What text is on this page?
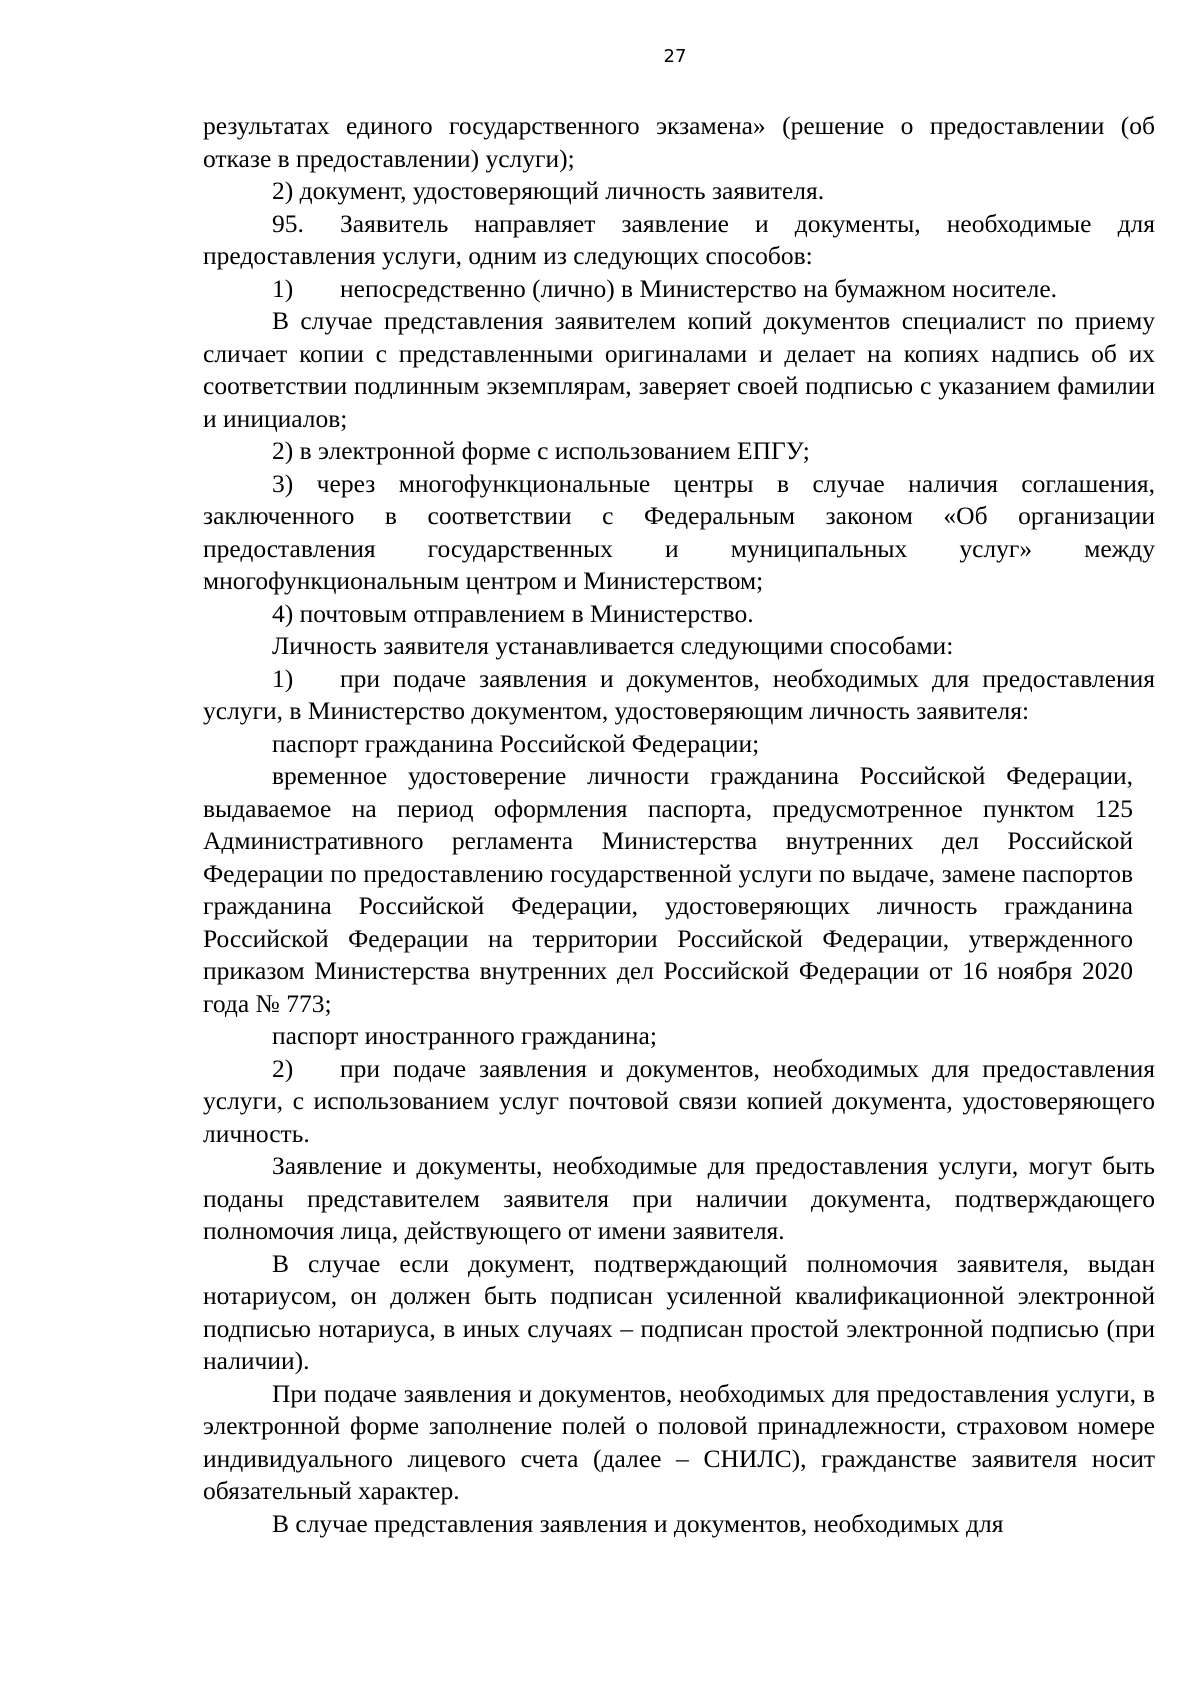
27

результатах единого государственного экзамена» (решение о предоставлении (об отказе в предоставлении) услуги);

2) документ, удостоверяющий личность заявителя.

95. Заявитель направляет заявление и документы, необходимые для предоставления услуги, одним из следующих способов:

1) непосредственно (лично) в Министерство на бумажном носителе.

В случае представления заявителем копий документов специалист по приему сличает копии с представленными оригиналами и делает на копиях надпись об их соответствии подлинным экземплярам, заверяет своей подписью с указанием фамилии и инициалов;

2) в электронной форме с использованием ЕПГУ;

3) через многофункциональные центры в случае наличия соглашения, заключенного в соответствии с Федеральным законом «Об организации предоставления государственных и муниципальных услуг» между многофункциональным центром и Министерством;

4) почтовым отправлением в Министерство.

Личность заявителя устанавливается следующими способами:

1) при подаче заявления и документов, необходимых для предоставления услуги, в Министерство документом, удостоверяющим личность заявителя:

паспорт гражданина Российской Федерации;

временное удостоверение личности гражданина Российской Федерации, выдаваемое на период оформления паспорта, предусмотренное пунктом 125 Административного регламента Министерства внутренних дел Российской Федерации по предоставлению государственной услуги по выдаче, замене паспортов гражданина Российской Федерации, удостоверяющих личность гражданина Российской Федерации на территории Российской Федерации, утвержденного приказом Министерства внутренних дел Российской Федерации от 16 ноября 2020 года № 773;

паспорт иностранного гражданина;

2) при подаче заявления и документов, необходимых для предоставления услуги, с использованием услуг почтовой связи копией документа, удостоверяющего личность.

Заявление и документы, необходимые для предоставления услуги, могут быть поданы представителем заявителя при наличии документа, подтверждающего полномочия лица, действующего от имени заявителя.

В случае если документ, подтверждающий полномочия заявителя, выдан нотариусом, он должен быть подписан усиленной квалификационной электронной подписью нотариуса, в иных случаях – подписан простой электронной подписью (при наличии).

При подаче заявления и документов, необходимых для предоставления услуги, в электронной форме заполнение полей о половой принадлежности, страховом номере индивидуального лицевого счета (далее – СНИЛС), гражданстве заявителя носит обязательный характер.

В случае представления заявления и документов, необходимых для
